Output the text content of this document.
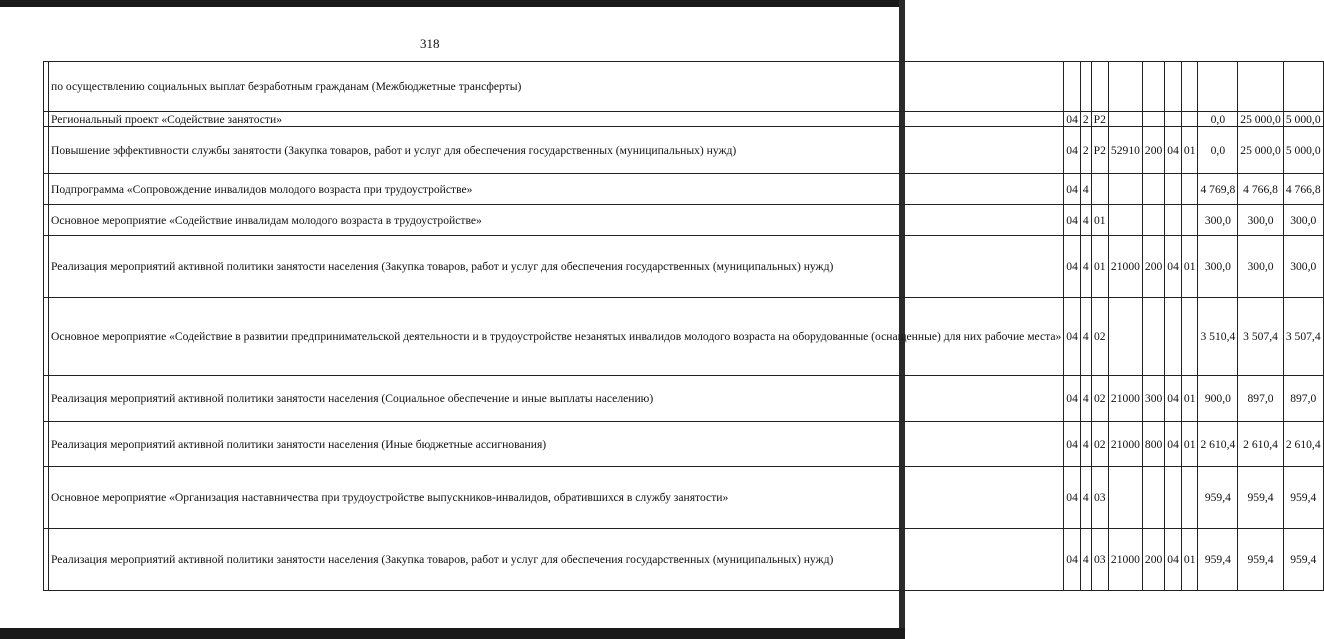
318
	по осуществлению социальных выплат безработным гражданам (Межбюджетные трансферты)										
	Региональный проект «Содействие занятости»	04	2	Р2					0,0	25 000,0	5 000,0
	Повышение эффективности службы занятости (Закупка товаров, работ и услуг для обеспечения государственных (муниципальных) нужд)	04	2	Р2	52910	200	04	01	0,0	25 000,0	5 000,0
	Подпрограмма «Сопровождение инвалидов молодого возраста при трудоустройстве»	04	4						4 769,8	4 766,8	4 766,8
	Основное мероприятие «Содействие инвалидам молодого возраста в трудоустройстве»	04	4	01					300,0	300,0	300,0
	Реализация мероприятий активной политики занятости населения (Закупка товаров, работ и услуг для обеспечения государственных (муниципальных) нужд)	04	4	01	21000	200	04	01	300,0	300,0	300,0
	Основное мероприятие «Содействие в развитии предпринимательской деятельности и в трудоустройстве незанятых инвалидов молодого возраста на оборудованные (оснащенные) для них рабочие места»	04	4	02					3 510,4	3 507,4	3 507,4
	Реализация мероприятий активной политики занятости населения (Социальное обеспечение и иные выплаты населению)	04	4	02	21000	300	04	01	900,0	897,0	897,0
	Реализация мероприятий активной политики занятости населения (Иные бюджетные ассигнования)	04	4	02	21000	800	04	01	2 610,4	2 610,4	2 610,4
	Основное мероприятие «Организация наставничества при трудоустройстве выпускников-инвалидов, обратившихся в службу занятости»	04	4	03					959,4	959,4	959,4
	Реализация мероприятий активной политики занятости населения (Закупка товаров, работ и услуг для обеспечения государственных (муниципальных) нужд)	04	4	03	21000	200	04	01	959,4	959,4	959,4
